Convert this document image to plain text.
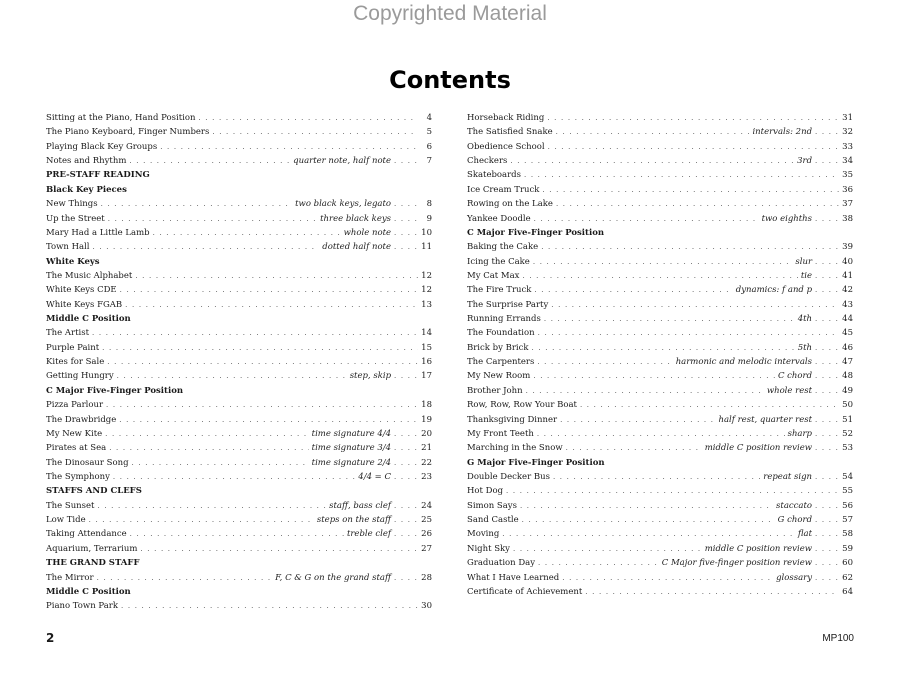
Copyrighted Material
Contents
Sitting at the Piano, Hand Position . . .	4
The Piano Keyboard, Finger Numbers . . .	5
Playing Black Key Groups . . .	6
Notes and Rhythm . . .	quarter note, half note . . . .	7
PRE-STAFF READING
Black Key Pieces
New Things . . .	two black keys, legato . . . .	8
Up the Street . . .	three black keys . . . .	9
Mary Had a Little Lamb . . .	whole note . . . . 10
Town Hall . . .	dotted half note . . . . 11
White Keys
The Music Alphabet . . .	12
White Keys CDE . . .	12
White Keys FGAB . . .	13
Middle C Position
The Artist . . .	14
Purple Paint . . .	15
Kites for Sale . . .	16
Getting Hungry . . .	step, skip . . . . 17
C Major Five-Finger Position
Pizza Parlour . . .	18
The Drawbridge . . .	19
My New Kite . . .	time signature 4/4 . . . . 20
Pirates at Sea . . .	time signature 3/4 . . . . 21
The Dinosaur Song . . .	time signature 2/4 . . . . 22
The Symphony . . .	4/4 = C . . . . 23
STAFFS AND CLEFS
The Sunset . . .	staff, bass clef . . . . 24
Low Tide . . .	steps on the staff . . . . 25
Taking Attendance . . .	treble clef . . . . 26
Aquarium, Terrarium . . .	27
THE GRAND STAFF
The Mirror . . .	F, C & G on the grand staff . . . . 28
Middle C Position
Piano Town Park . . .	30
Horseback Riding . . .	31
The Satisfied Snake . . .	intervals: 2nd . . . . 32
Obedience School . . .	33
Checkers . . .	3rd . . . . 34
Skateboards . . .	35
Ice Cream Truck . . .	36
Rowing on the Lake . . .	37
Yankee Doodle . . .	two eighths . . . . 38
C Major Five-Finger Position
Baking the Cake . . .	39
Icing the Cake . . .	slur . . . . 40
My Cat Max . . .	tie . . . . 41
The Fire Truck . . .	dynamics: f and p . . . . 42
The Surprise Party . . .	43
Running Errands . . .	4th . . . . 44
The Foundation . . .	45
Brick by Brick . . .	5th . . . . 46
The Carpenters . . .	harmonic and melodic intervals . . . . 47
My New Room . . .	C chord . . . . 48
Brother John . . .	whole rest . . . . 49
Row, Row, Row Your Boat . . .	50
Thanksgiving Dinner . . .	half rest, quarter rest . . . . 51
My Front Teeth . . .	sharp . . . . 52
Marching in the Snow . . .	middle C position review . . . . 53
G Major Five-Finger Position
Double Decker Bus . . .	repeat sign . . . . 54
Hot Dog . . .	55
Simon Says . . .	staccato . . . . 56
Sand Castle . . .	G chord . . . . 57
Moving . . .	flat . . . . 58
Night Sky . . .	middle C position review . . . . 59
Graduation Day . . .	C Major five-finger position review . . . . 60
What I Have Learned . . .	glossary . . . . 62
Certificate of Achievement . . .	64
2	MP100
